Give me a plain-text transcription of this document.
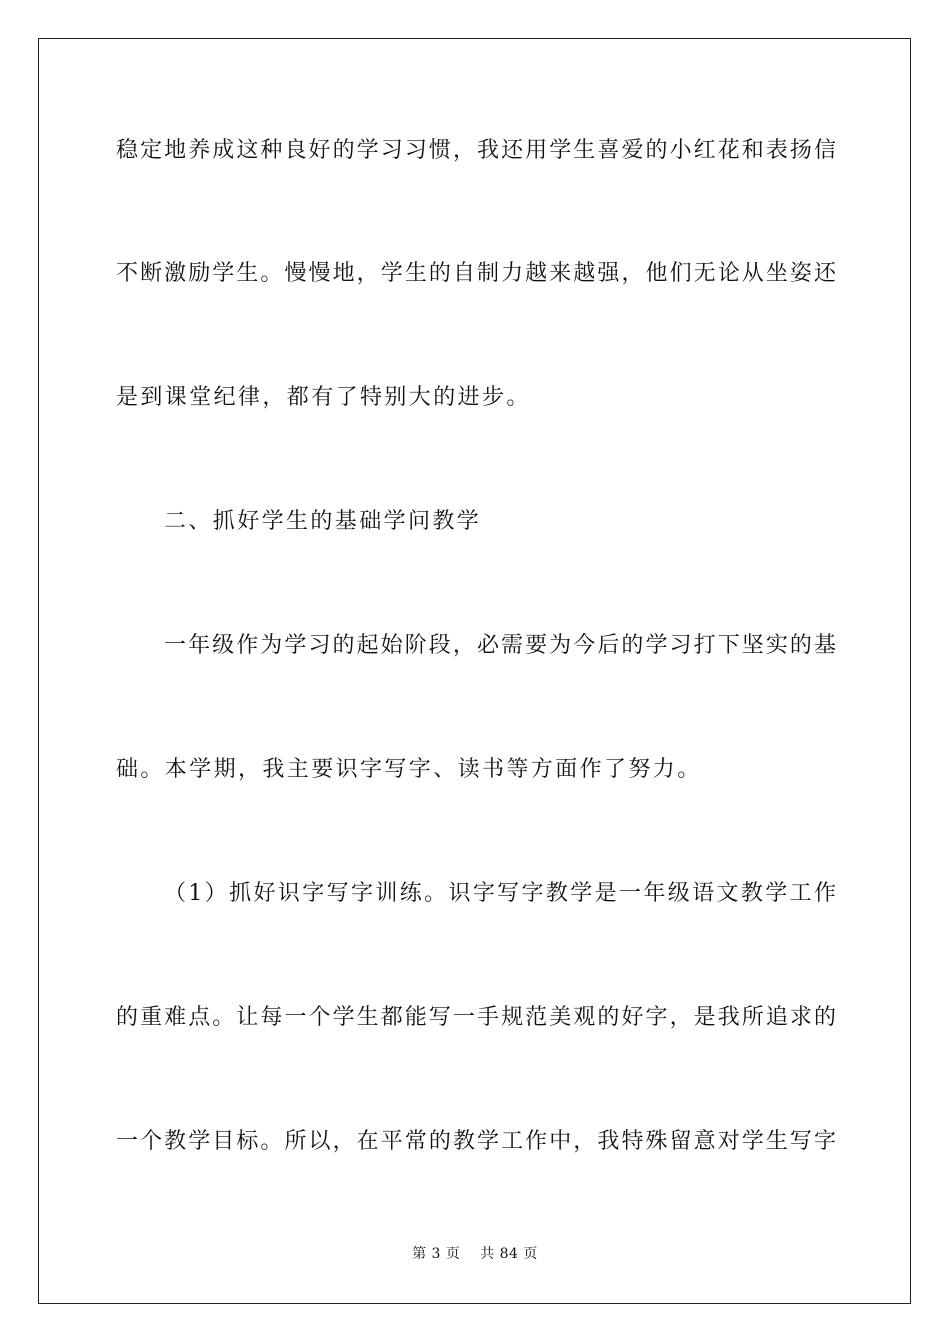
稳定地养成这种良好的学习习惯，我还用学生喜爱的小红花和表扬信
不断激励学生。慢慢地，学生的自制力越来越强，他们无论从坐姿还
是到课堂纪律，都有了特别大的进步。
二、抓好学生的基础学问教学
一年级作为学习的起始阶段，必需要为今后的学习打下坚实的基
础。本学期，我主要识字写字、读书等方面作了努力。
（1）抓好识字写字训练。识字写字教学是一年级语文教学工作
的重难点。让每一个学生都能写一手规范美观的好字，是我所追求的
一个教学目标。所以，在平常的教学工作中，我特殊留意对学生写字
第 3 页    共 84 页
